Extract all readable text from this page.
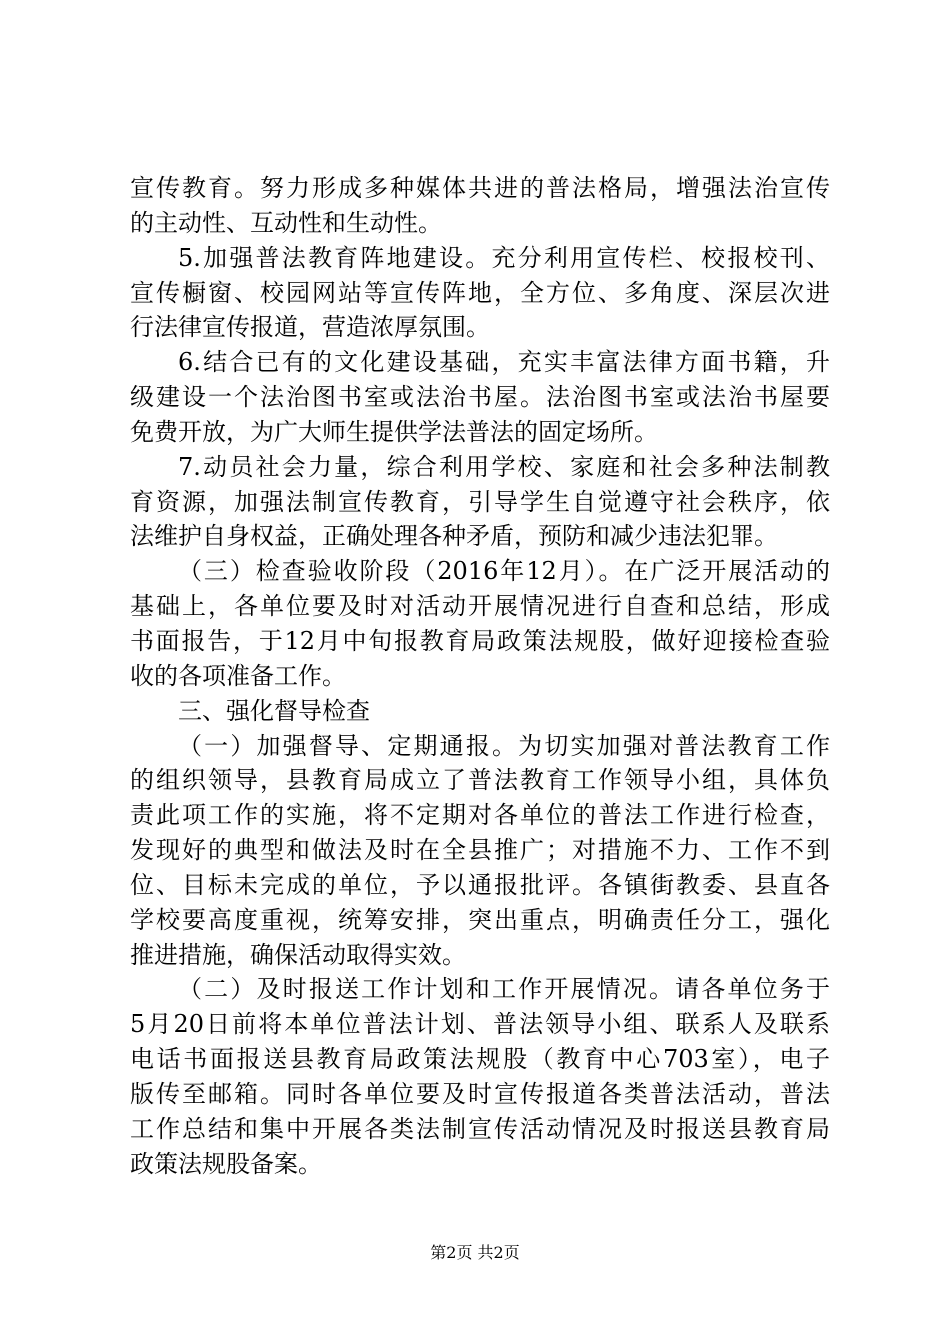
宣传教育。努力形成多种媒体共进的普法格局，增强法治宣传
的主动性、互动性和生动性。
5.加强普法教育阵地建设。充分利用宣传栏、校报校刊、
宣传橱窗、校园网站等宣传阵地，全方位、多角度、深层次进
行法律宣传报道，营造浓厚氛围。
6.结合已有的文化建设基础，充实丰富法律方面书籍，升
级建设一个法治图书室或法治书屋。法治图书室或法治书屋要
免费开放，为广大师生提供学法普法的固定场所。
7.动员社会力量，综合利用学校、家庭和社会多种法制教
育资源，加强法制宣传教育，引导学生自觉遵守社会秩序，依
法维护自身权益，正确处理各种矛盾，预防和减少违法犯罪。
（三）检查验收阶段（2016年12月）。在广泛开展活动的
基础上，各单位要及时对活动开展情况进行自查和总结，形成
书面报告，于12月中旬报教育局政策法规股，做好迎接检查验
收的各项准备工作。
三、强化督导检查
（一）加强督导、定期通报。为切实加强对普法教育工作
的组织领导，县教育局成立了普法教育工作领导小组，具体负
责此项工作的实施，将不定期对各单位的普法工作进行检查，
发现好的典型和做法及时在全县推广；对措施不力、工作不到
位、目标未完成的单位，予以通报批评。各镇街教委、县直各
学校要高度重视，统筹安排，突出重点，明确责任分工，强化
推进措施，确保活动取得实效。
（二）及时报送工作计划和工作开展情况。请各单位务于
5月20日前将本单位普法计划、普法领导小组、联系人及联系
电话书面报送县教育局政策法规股（教育中心703室），电子
版传至邮箱。同时各单位要及时宣传报道各类普法活动，普法
工作总结和集中开展各类法制宣传活动情况及时报送县教育局
政策法规股备案。
第2页 共2页
